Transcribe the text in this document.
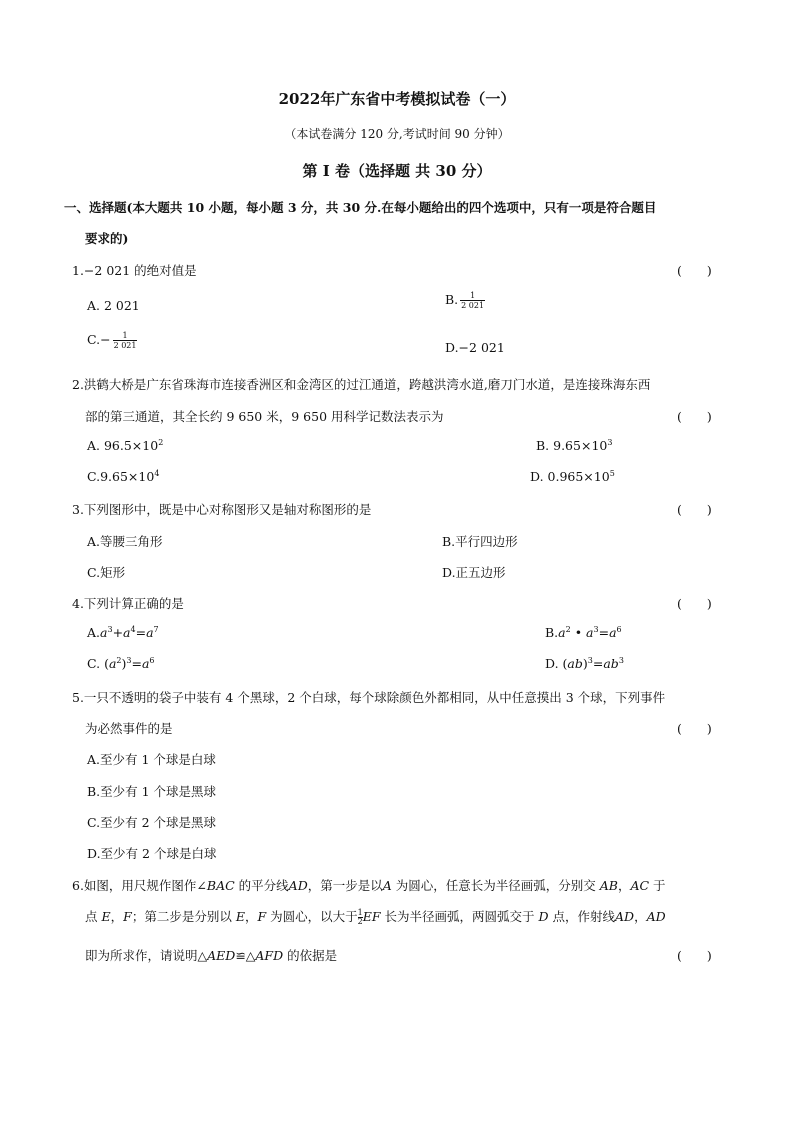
2022年广东省中考模拟试卷（一）
（本试卷满分 120 分,考试时间 90 分钟）
第 Ⅰ 卷（选择题 共 30 分）
一、选择题(本大题共 10 小题，每小题 3 分，共 30 分.在每小题给出的四个选项中，只有一项是符合题目
要求的)
1.−2 021 的绝对值是	(　　)
A. 2 021	B. $\frac{1}{2 021}$
$C.- \frac{1}{2 021}$	D.−2 021
2.洪鹤大桥是广东省珠海市连接香洲区和金湾区的过江通道，跨越洪湾水道,磨刀门水道，是连接珠海东西
部的第三通道，其全长约 9 650 米，9 650 用科学记数法表示为	(　　)
A. $96.5\times 10^2$	B. $9.65\times 10^3$
$C.9.65\times 10^4$	D. $0.965\times 10^5$
3.下列图形中，既是中心对称图形又是轴对称图形的是	(　　)
A.等腰三角形	B.平行四边形
C.矩形	D.正五边形
4.下列计算正确的是	(　　)
$A.a^3+a^4=a^7$	$B.a^2$ • $a^3=a^6$
C. $(a^2)^3=a^6$	D. $(ab)^3=ab^3$
5.一只不透明的袋子中装有 4 个黑球，2 个白球，每个球除颜色外都相同，从中任意摸出 3 个球，下列事件
为必然事件的是	(　　)
A.至少有 1 个球是白球
B.至少有 1 个球是黑球
C.至少有 2 个球是黑球
D.至少有 2 个球是白球
6.如图，用尺规作图作∠BAC 的平分线AD，第一步是以A 为圆心，任意长为半径画弧，分别交 AB，AC 于
点 E，F；第二步是分别以 E，F 为圆心，以大于 $\frac{1}{2}$ EF 长为半径画弧，两圆弧交于 D 点，作射线AD，AD
即为所求作，请说明△AED≌△AFD 的依据是	(　　)
